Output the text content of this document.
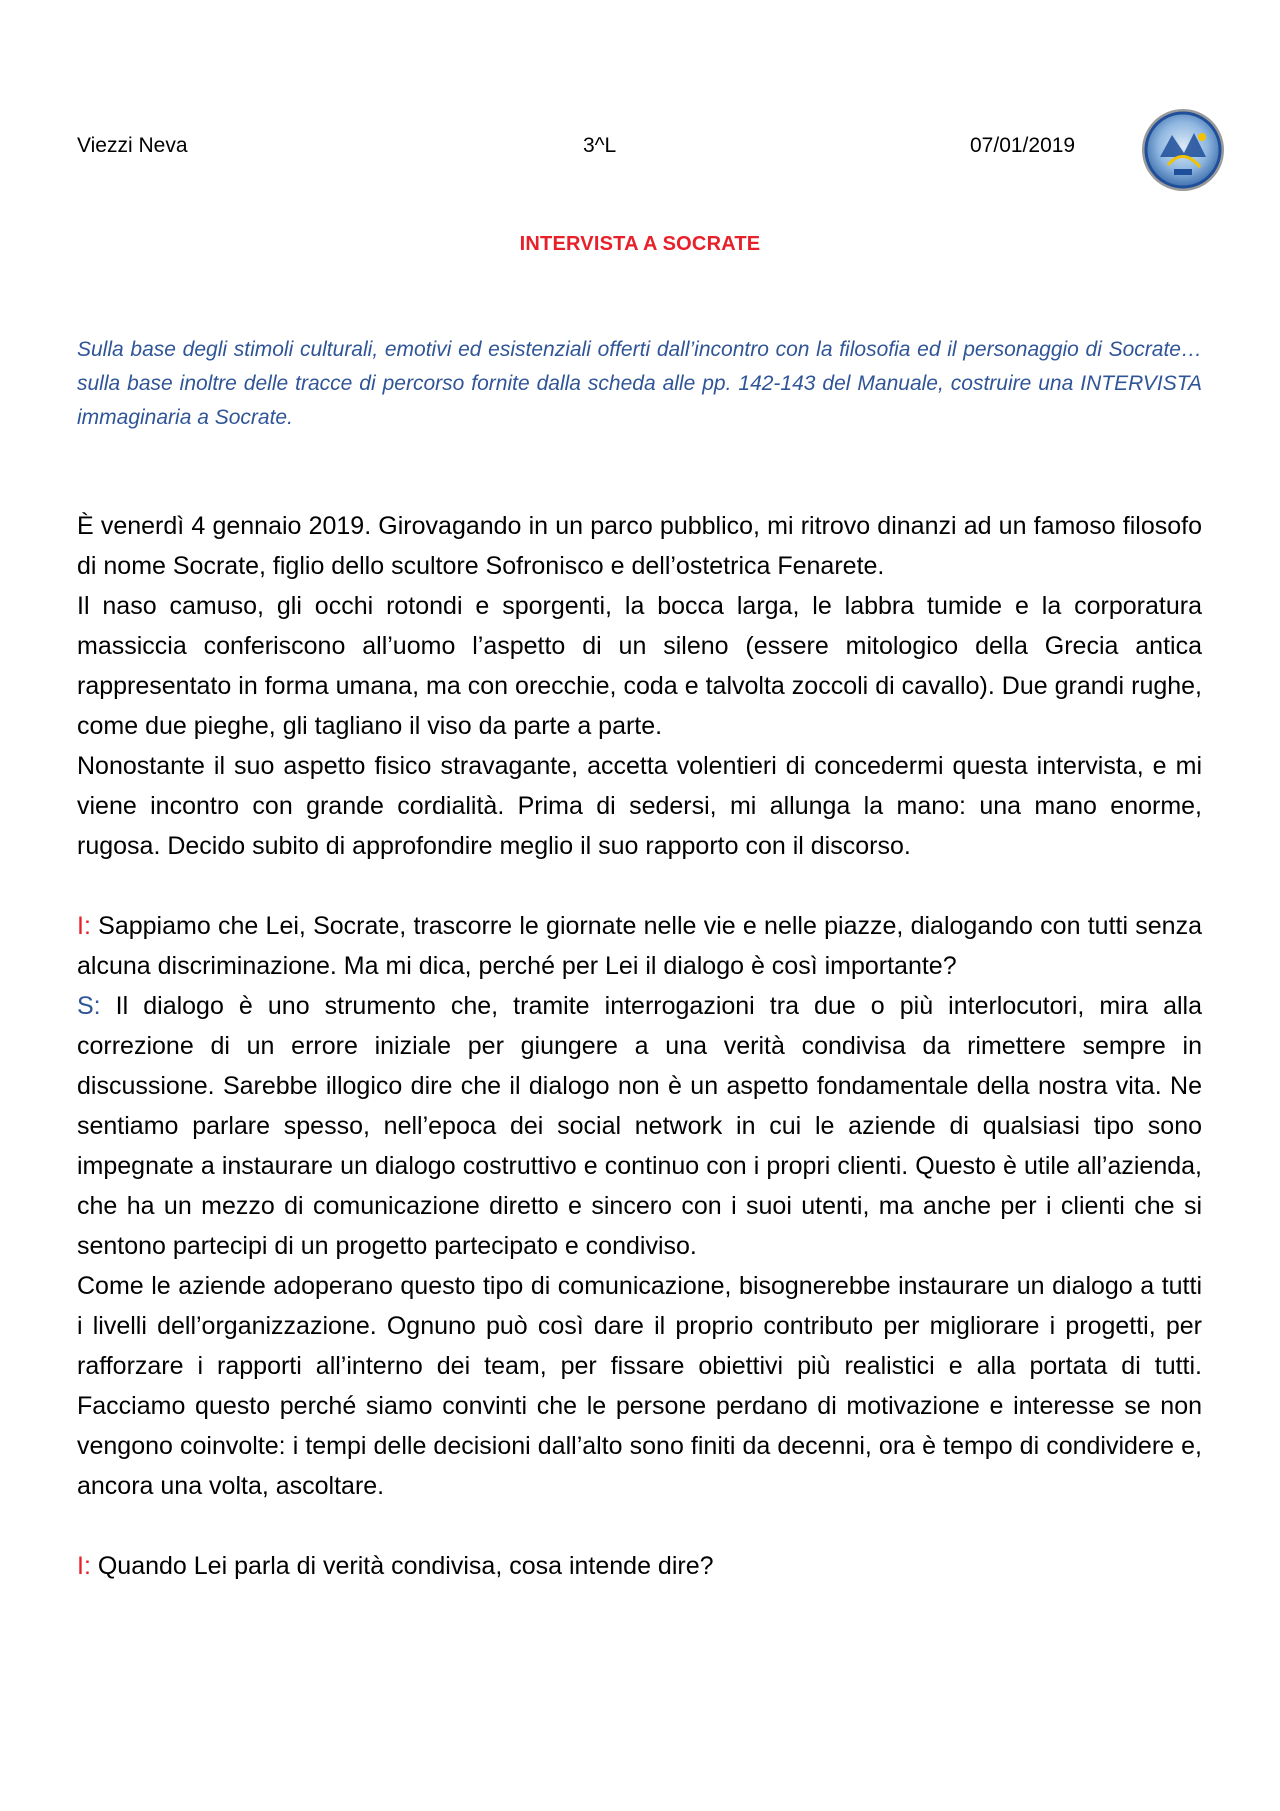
Viezzi Neva	3^L	07/01/2019
INTERVISTA A SOCRATE
Sulla base degli stimoli culturali, emotivi ed esistenziali offerti dall’incontro con la filosofia ed il personaggio di Socrate… sulla base inoltre delle tracce di percorso fornite dalla scheda alle pp. 142-143 del Manuale, costruire una INTERVISTA immaginaria a Socrate.

È venerdì 4 gennaio 2019. Girovagando in un parco pubblico, mi ritrovo dinanzi ad un famoso filosofo di nome Socrate, figlio dello scultore Sofronisco e dell’ostetrica Fenarete.

Il naso camuso, gli occhi rotondi e sporgenti, la bocca larga, le labbra tumide e la corporatura massiccia conferiscono all’uomo l’aspetto di un sileno (essere mitologico della Grecia antica rappresentato in forma umana, ma con orecchie, coda e talvolta zoccoli di cavallo). Due grandi rughe, come due pieghe, gli tagliano il viso da parte a parte.

Nonostante il suo aspetto fisico stravagante, accetta volentieri di concedermi questa intervista, e mi viene incontro con grande cordialità. Prima di sedersi, mi allunga la mano: una mano enorme, rugosa. Decido subito di approfondire meglio il suo rapporto con il discorso.

I: Sappiamo che Lei, Socrate, trascorre le giornate nelle vie e nelle piazze, dialogando con tutti senza alcuna discriminazione. Ma mi dica, perché per Lei il dialogo è così importante?

S: Il dialogo è uno strumento che, tramite interrogazioni tra due o più interlocutori, mira alla correzione di un errore iniziale per giungere a una verità condivisa da rimettere sempre in discussione. Sarebbe illogico dire che il dialogo non è un aspetto fondamentale della nostra vita. Ne sentiamo parlare spesso, nell’epoca dei social network in cui le aziende di qualsiasi tipo sono impegnate a instaurare un dialogo costruttivo e continuo con i propri clienti. Questo è utile all’azienda, che ha un mezzo di comunicazione diretto e sincero con i suoi utenti, ma anche per i clienti che si sentono partecipi di un progetto partecipato e condiviso.

Come le aziende adoperano questo tipo di comunicazione, bisognerebbe instaurare un dialogo a tutti i livelli dell’organizzazione. Ognuno può così dare il proprio contributo per migliorare i progetti, per rafforzare i rapporti all’interno dei team, per fissare obiettivi più realistici e alla portata di tutti. Facciamo questo perché siamo convinti che le persone perdano di motivazione e interesse se non vengono coinvolte: i tempi delle decisioni dall’alto sono finiti da decenni, ora è tempo di condividere e, ancora una volta, ascoltare.

I: Quando Lei parla di verità condivisa, cosa intende dire?
